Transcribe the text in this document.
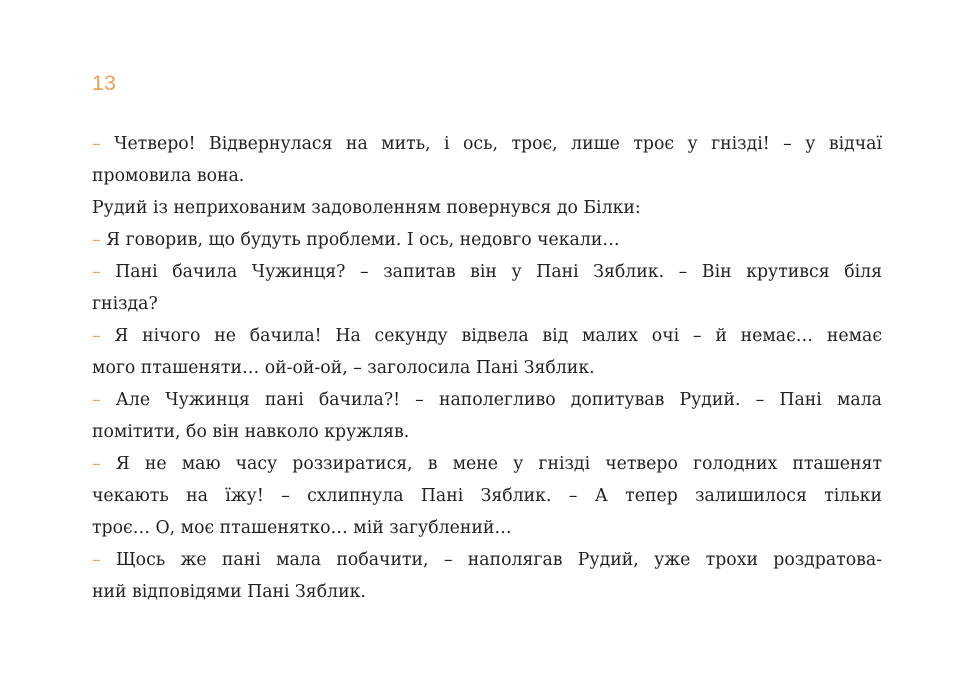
13
– Четверо! Відвернулася на мить, і ось, троє, лише троє у гнізді! – у відчаї
промовила вона.
Рудий із неприхованим задоволенням повернувся до Білки:
– Я говорив, що будуть проблеми. І ось, недовго чекали…
– Пані бачила Чужинця? – запитав він у Пані Зяблик. – Він крутився біля
гнізда?
– Я нічого не бачила! На секунду відвела від малих очі – й немає… немає
мого пташеняти… ой-ой-ой, – заголосила Пані Зяблик.
– Але Чужинця пані бачила?! – наполегливо допитував Рудий. – Пані мала
помітити, бо він навколо кружляв.
– Я не маю часу роззиратися, в мене у гнізді четверо голодних пташенят
чекають на їжу! – схлипнула Пані Зяблик. – А тепер залишилося тільки
троє… О, моє пташенятко… мій загублений…
– Щось же пані мала побачити, – наполягав Рудий, уже трохи роздратова-
ний відповідями Пані Зяблик.
